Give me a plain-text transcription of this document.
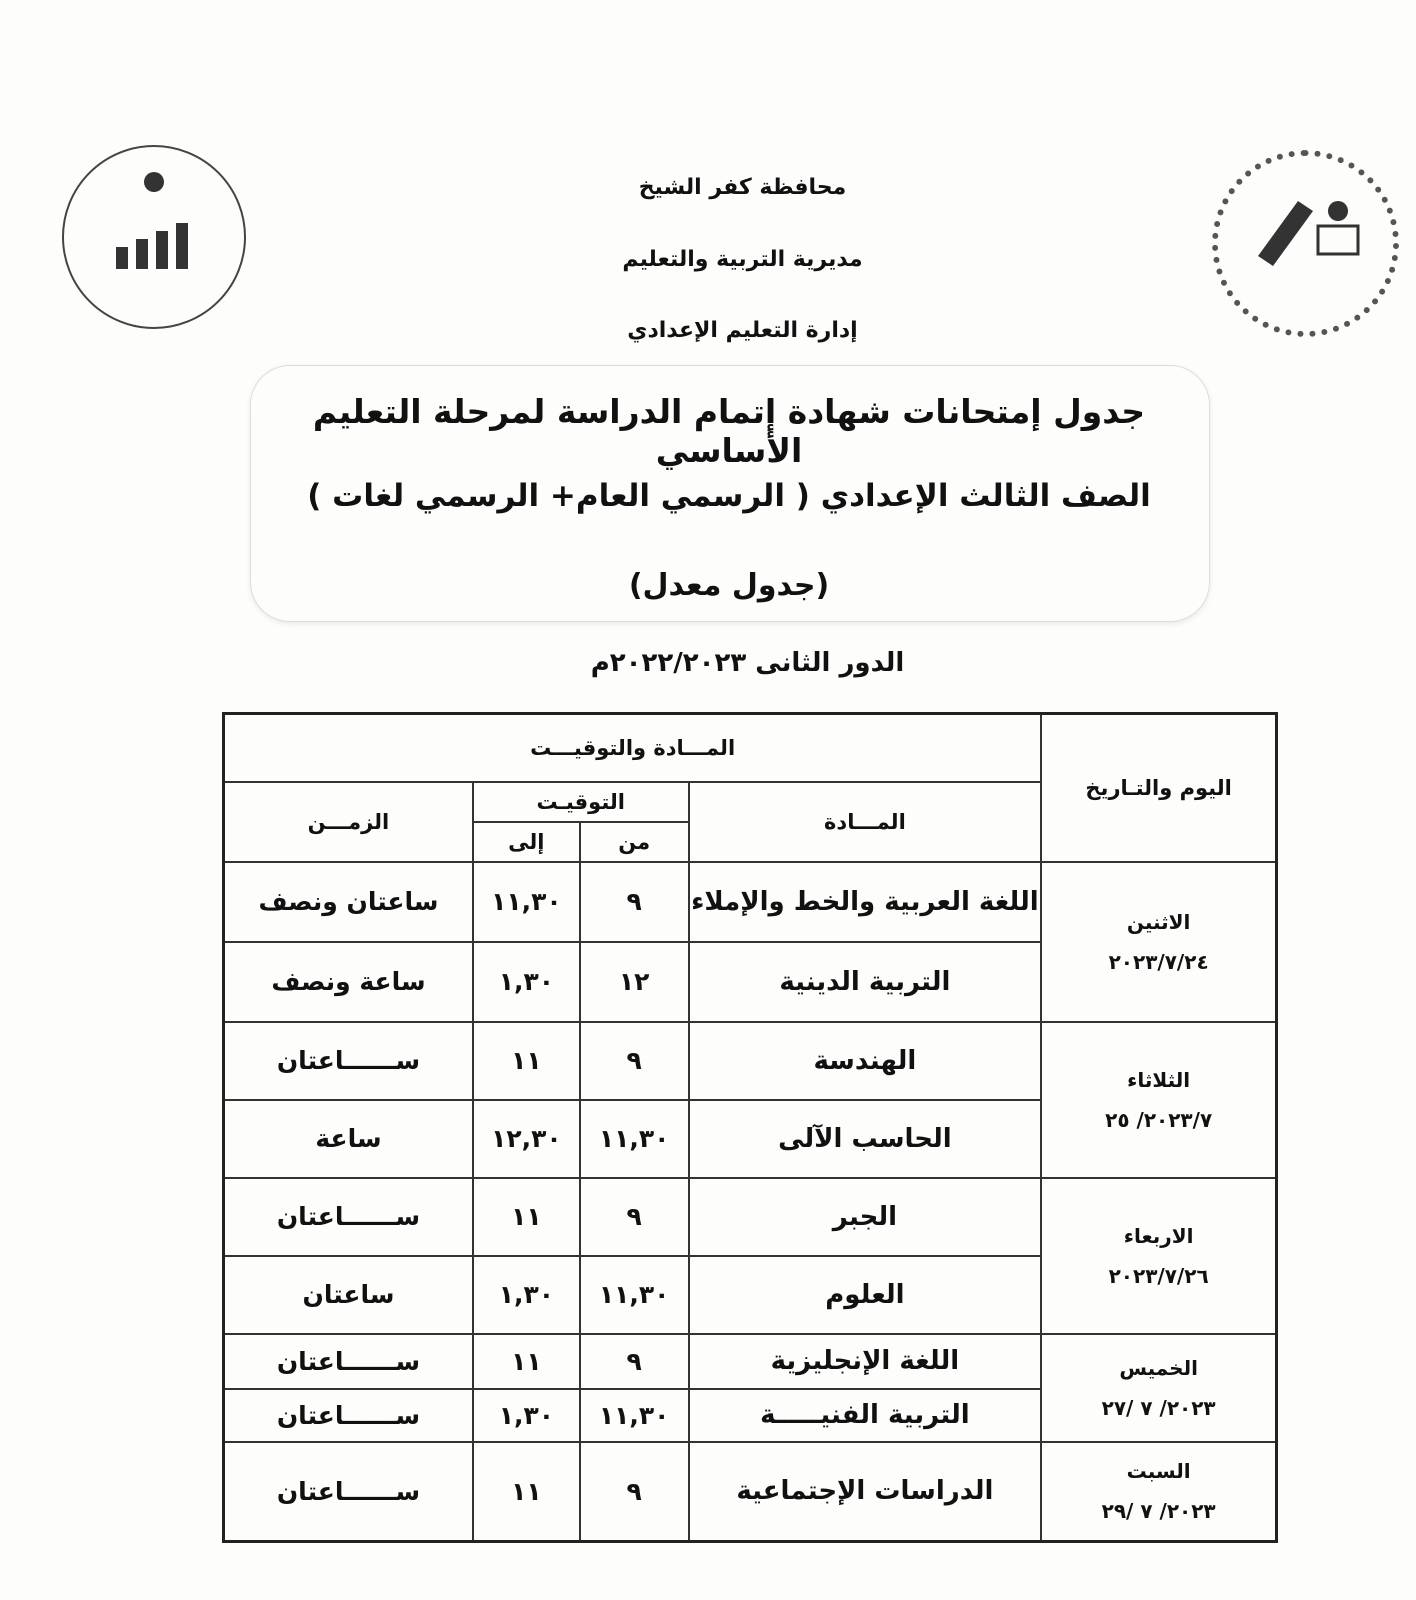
محافظة كفر الشيخ
مديرية التربية والتعليم
إدارة التعليم الإعدادي
جدول إمتحانات شهادة إتمام الدراسة لمرحلة التعليم الأساسي
الصف الثالث الإعدادي ( الرسمي العام+ الرسمي لغات )
(جدول معدل)
الدور الثانى ٢٠٢٢/٢٠٢٣م
اليوم والتـاريخ	المـــادة والتوقيـــت			
	المـــادة	التوقيـت		الزمـــن
		من	إلى	

الاثنين
٢٠٢٣/٧/٢٤	اللغة العربية والخط والإملاء	٩	١١,٣٠	ساعتان ونصف
	التربية الدينية	١٢	١,٣٠	ساعة ونصف

الثلاثاء
٢٠٢٣/٧/ ٢٥	الهندسة	٩	١١	ســــــاعتان
	الحاسب الآلى	١١,٣٠	١٢,٣٠	ساعة

الاربعاء
٢٠٢٣/٧/٢٦	الجبر	٩	١١	ســــــاعتان
	العلوم	١١,٣٠	١,٣٠	ساعتان

الخميس
٢٠٢٣/ ٧ /٢٧	اللغة الإنجليزية	٩	١١	ســــــاعتان
	التربية الفنيـــــة	١١,٣٠	١,٣٠	ســــــاعتان

السبت
٢٠٢٣/ ٧ /٢٩	الدراسات الإجتماعية	٩	١١	ســــــاعتان
